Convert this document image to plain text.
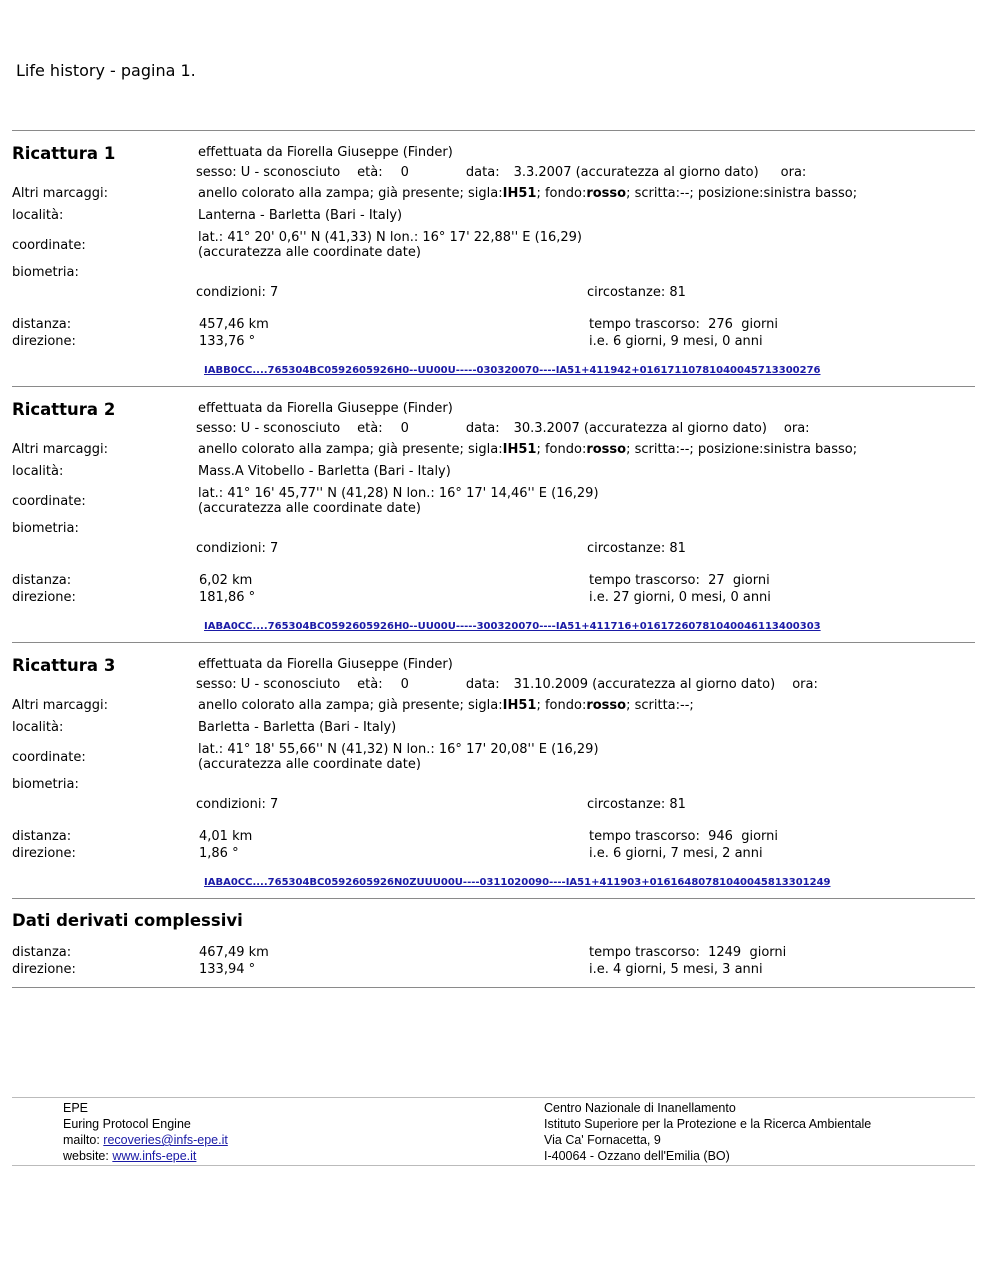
Life history - pagina 1.
Ricattura 1	effettuata da Fiorella Giuseppe (Finder)
sesso: U - sconosciuto età: 0	data: 3.3.2007 (accuratezza al giorno dato) ora:
Altri marcaggi:	anello colorato alla zampa; già presente; sigla:IH51; fondo:rosso; scritta:--; posizione:sinistra basso;
località:	Lanterna - Barletta (Bari - Italy)
coordinate:
lat.: 41° 20' 0,6'' N (41,33) N lon.: 16° 17' 22,88'' E (16,29)
(accuratezza alle coordinate date)
biometria:
condizioni: 7	circostanze: 81
distanza:	457,46 km	tempo trascorso: 276 giorni
direzione:	133,76 °	i.e. 6 giorni, 9 mesi, 0 anni
IABB0CC....765304BC0592605926H0--UU00U-----030320070----IA51+411942+01617110781040045713300276
Ricattura 2	effettuata da Fiorella Giuseppe (Finder)
sesso: U - sconosciuto età: 0	data: 30.3.2007 (accuratezza al giorno dato) ora:
Altri marcaggi:	anello colorato alla zampa; già presente; sigla:IH51; fondo:rosso; scritta:--; posizione:sinistra basso;
località:	Mass.A Vitobello - Barletta (Bari - Italy)
coordinate:
lat.: 41° 16' 45,77'' N (41,28) N lon.: 16° 17' 14,46'' E (16,29)
(accuratezza alle coordinate date)
biometria:
condizioni: 7	circostanze: 81
distanza:	6,02 km	tempo trascorso: 27 giorni
direzione:	181,86 °	i.e. 27 giorni, 0 mesi, 0 anni
IABA0CC....765304BC0592605926H0--UU00U-----300320070----IA51+411716+01617260781040046113400303
Ricattura 3	effettuata da Fiorella Giuseppe (Finder)
sesso: U - sconosciuto età: 0	data: 31.10.2009 (accuratezza al giorno dato) ora:
Altri marcaggi:	anello colorato alla zampa; già presente; sigla:IH51; fondo:rosso; scritta:--;
località:	Barletta - Barletta (Bari - Italy)
coordinate:
lat.: 41° 18' 55,66'' N (41,32) N lon.: 16° 17' 20,08'' E (16,29)
(accuratezza alle coordinate date)
biometria:
condizioni: 7	circostanze: 81
distanza:	4,01 km	tempo trascorso: 946 giorni
direzione:	1,86 °	i.e. 6 giorni, 7 mesi, 2 anni
IABA0CC....765304BC0592605926N0ZUUU00U----0311020090----IA51+411903+01616480781040045813301249
Dati derivati complessivi
distanza:	467,49 km	tempo trascorso: 1249 giorni
direzione:	133,94 °	i.e. 4 giorni, 5 mesi, 3 anni
EPE
Euring Protocol Engine
mailto: recoveries@infs-epe.it
website: www.infs-epe.it
Centro Nazionale di Inanellamento
Istituto Superiore per la Protezione e la Ricerca Ambientale
Via Ca' Fornacetta, 9
I-40064 - Ozzano dell'Emilia (BO)
